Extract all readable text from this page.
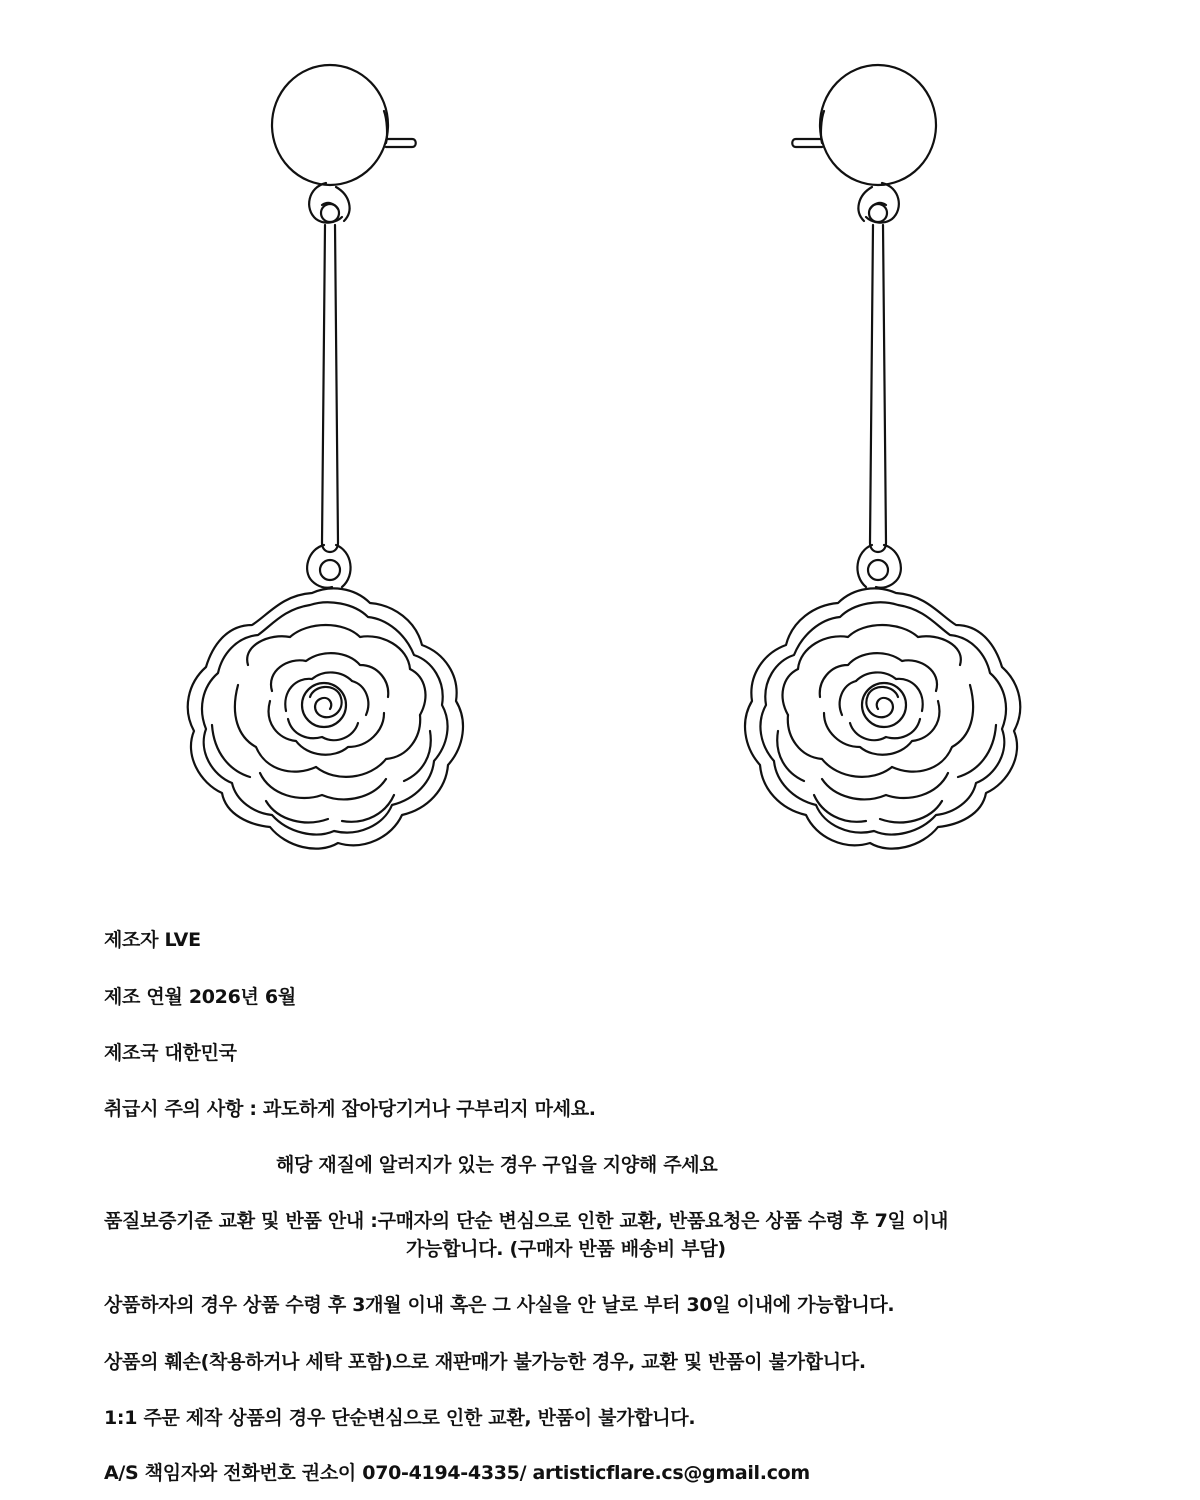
제조자 LVE

제조 연월 2026년 6월

제조국 대한민국

취급시 주의 사항 : 과도하게 잡아당기거나 구부리지 마세요.

해당 재질에 알러지가 있는 경우 구입을 지양해 주세요

품질보증기준 교환 및 반품 안내 :구매자의 단순 변심으로 인한 교환, 반품요청은 상품 수령 후 7일 이내

가능합니다. (구매자 반품 배송비 부담)

상품하자의 경우 상품 수령 후 3개월 이내 혹은 그 사실을 안 날로 부터 30일 이내에 가능합니다.

상품의 훼손(착용하거나 세탁 포함)으로 재판매가 불가능한 경우, 교환 및 반품이 불가합니다.

1:1 주문 제작 상품의 경우 단순변심으로 인한 교환, 반품이 불가합니다.

A/S 책임자와 전화번호 권소이 070-4194-4335/ artisticflare.cs@gmail.com
